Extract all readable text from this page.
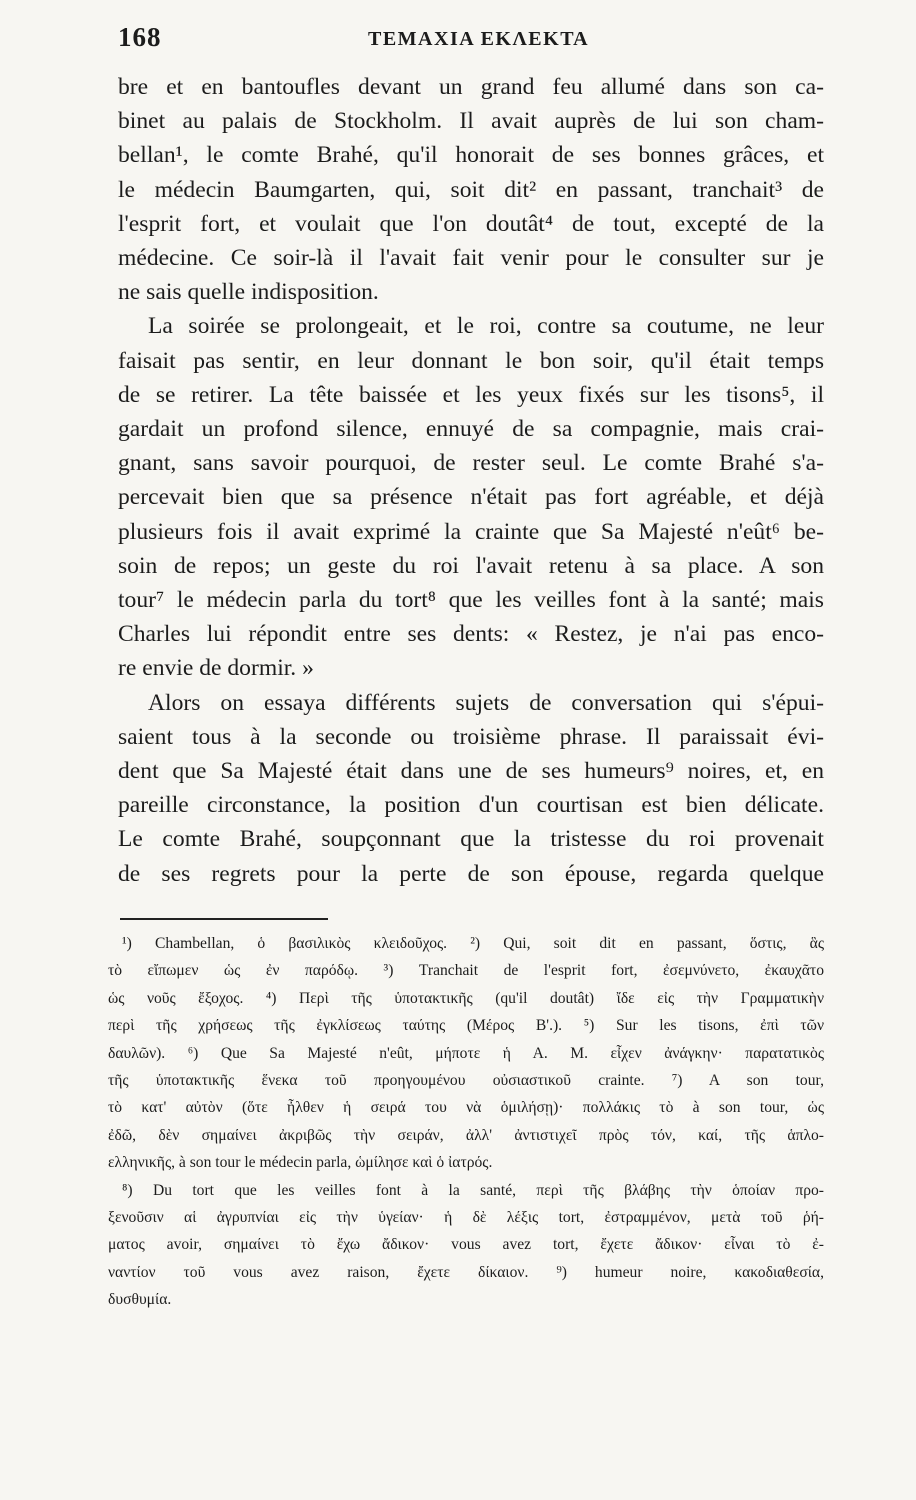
168	ΤΕΜΑΧΙΑ ΕΚΛΕΚΤΑ
bre et en bantoufles devant un grand feu allumé dans son ca-
binet au palais de Stockholm. Il avait auprès de lui son cham-
bellan¹, le comte Brahé, qu'il honorait de ses bonnes grâces, et
le médecin Baumgarten, qui, soit dit² en passant, tranchait³ de
l'esprit fort, et voulait que l'on doutât⁴ de tout, excepté de la
médecine. Ce soir-là il l'avait fait venir pour le consulter sur je
ne sais quelle indisposition.
La soirée se prolongeait, et le roi, contre sa coutume, ne leur
faisait pas sentir, en leur donnant le bon soir, qu'il était temps
de se retirer. La tête baissée et les yeux fixés sur les tisons⁵, il
gardait un profond silence, ennuyé de sa compagnie, mais crai-
gnant, sans savoir pourquoi, de rester seul. Le comte Brahé s'a-
percevait bien que sa présence n'était pas fort agréable, et déjà
plusieurs fois il avait exprimé la crainte que Sa Majesté n'eût⁶ be-
soin de repos; un geste du roi l'avait retenu à sa place. A son
tour⁷ le médecin parla du tort⁸ que les veilles font à la santé; mais
Charles lui répondit entre ses dents: « Restez, je n'ai pas enco-
re envie de dormir. »
Alors on essaya différents sujets de conversation qui s'épui-
saient tous à la seconde ou troisième phrase. Il paraissait évi-
dent que Sa Majesté était dans une de ses humeurs⁹ noires, et, en
pareille circonstance, la position d'un courtisan est bien délicate.
Le comte Brahé, soupçonnant que la tristesse du roi provenait
de ses regrets pour la perte de son épouse, regarda quelque
¹) Chambellan, ὁ βασιλικὸς κλειδοῦχος. ²) Qui, soit dit en passant, ὅστις, ἃς
τὸ εἴπωμεν ὡς ἐν παρόδῳ. ³) Tranchait de l'esprit fort, ἐσεμνύνετο, ἐκαυχᾶτο
ὡς νοῦς ἔξοχος. ⁴) Περὶ τῆς ὑποτακτικῆς (qu'il doutât) ἴδε εἰς τὴν Γραμματικὴν
περὶ τῆς χρήσεως τῆς ἐγκλίσεως ταύτης (Μέρος Β'.). ⁵) Sur les tisons, ἐπὶ τῶν
δαυλῶν). ⁶) Que Sa Majesté n'eût, μήποτε ἡ Α. Μ. εἶχεν ἀνάγκην· παρατατικὸς
τῆς ὑποτακτικῆς ἕνεκα τοῦ προηγουμένου οὐσιαστικοῦ crainte. ⁷) A son tour,
τὸ κατ' αὐτὸν (ὅτε ἦλθεν ἡ σειρά του νὰ ὁμιλήσῃ)· πολλάκις τὸ à son tour, ὡς
ἐδῶ, δὲν σημαίνει ἀκριβῶς τὴν σειράν, ἀλλ' ἀντιστιχεῖ πρὸς τόν, καί, τῆς ἁπλο-
ελληνικῆς, à son tour le médecin parla, ὡμίλησε καὶ ὁ ἰατρός.
⁸) Du tort que les veilles font à la santé, περὶ τῆς βλάβης τὴν ὁποίαν προ-
ξενοῦσιν αἱ ἀγρυπνίαι εἰς τὴν ὑγείαν· ἡ δὲ λέξις tort, ἐστραμμένον, μετὰ τοῦ ῥή-
ματος avoir, σημαίνει τὸ ἔχω ἄδικον· vous avez tort, ἔχετε ἄδικον· εἶναι τὸ ἐ-
ναντίον τοῦ vous avez raison, ἔχετε δίκαιον. ⁹) humeur noire, κακοδιαθεσία,
δυσθυμία.
